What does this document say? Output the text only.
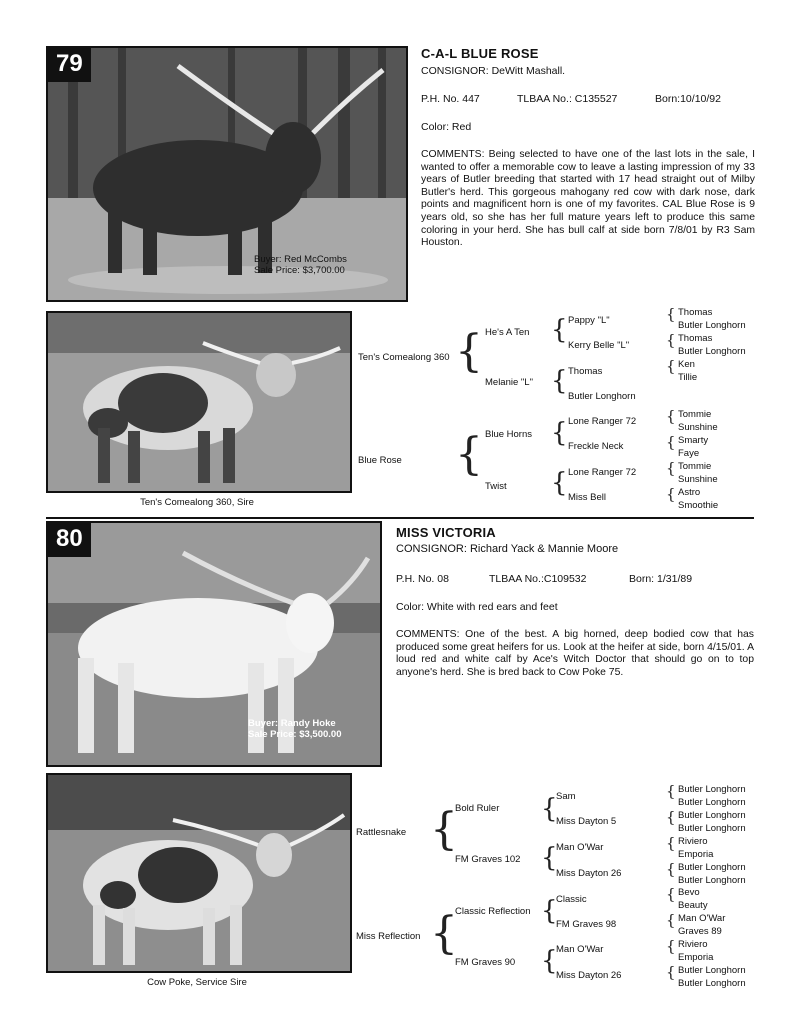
79
Buyer: Red McCombs
Sale Price: $3,700.00
C-A-L BLUE ROSE
CONSIGNOR: DeWitt Mashall.
P.H. No. 447	TLBAA No.: C135527	Born:10/10/92
Color: Red
COMMENTS: Being selected to have one of the last lots in the sale, I wanted to offer a memorable cow to leave a lasting impression of my 33 years of Butler breeding that started with 17 head straight out of Milby Butler's herd. This gorgeous mahogany red cow with dark nose, dark points and magnificent horn is one of my favorites. CAL Blue Rose is 9 years old, so she has her full mature years left to produce this same coloring in your herd. She has bull calf at side born 7/8/01 by R3 Sam Houston.
Ten's Comealong 360, Sire
Ten's Comealong 360 { He's A Ten
Melanie "L"
{ Pappy "L"
Kerry Belle "L"
{ Thomas
Butler Longhorn
{ Thomas
Butler Longhorn
{ Thomas
Butler Longhorn
{ Ken
Tillie
Blue Rose { Blue Horns
Twist
{ Lone Ranger 72
Freckle Neck
{ Lone Ranger 72
Miss Bell
{ Tommie
Sunshine
{ Smarty
Faye
{ Tommie
Sunshine
{ Astro
Smoothie
80
Buyer: Randy Hoke
Sale Price: $3,500.00
MISS VICTORIA
CONSIGNOR: Richard Yack & Mannie Moore
P.H. No. 08	TLBAA No.:C109532	Born: 1/31/89
Color: White with red ears and feet
COMMENTS: One of the best. A big horned, deep bodied cow that has produced some great heifers for us. Look at the heifer at side, born 4/15/01. A loud red and white calf by Ace's Witch Doctor that should go on to top anyone's herd. She is bred back to Cow Poke 75.
Cow Poke, Service Sire
Rattlesnake {
Bold Ruler
FM Graves 102
{
Sam
Miss Dayton 5
{
Man O'War
Miss Dayton 26
{ Butler Longhorn
Butler Longhorn
{ Butler Longhorn
Butler Longhorn
{ Riviero
Emporia
{ Butler Longhorn
Butler Longhorn
Miss Reflection {
Classic Reflection
FM Graves 90
{
Classic
FM Graves 98
{
Man O'War
Miss Dayton 26
{ Bevo
Beauty
{ Man O'War
Graves 89
{ Riviero
Emporia
{ Butler Longhorn
Butler Longhorn
